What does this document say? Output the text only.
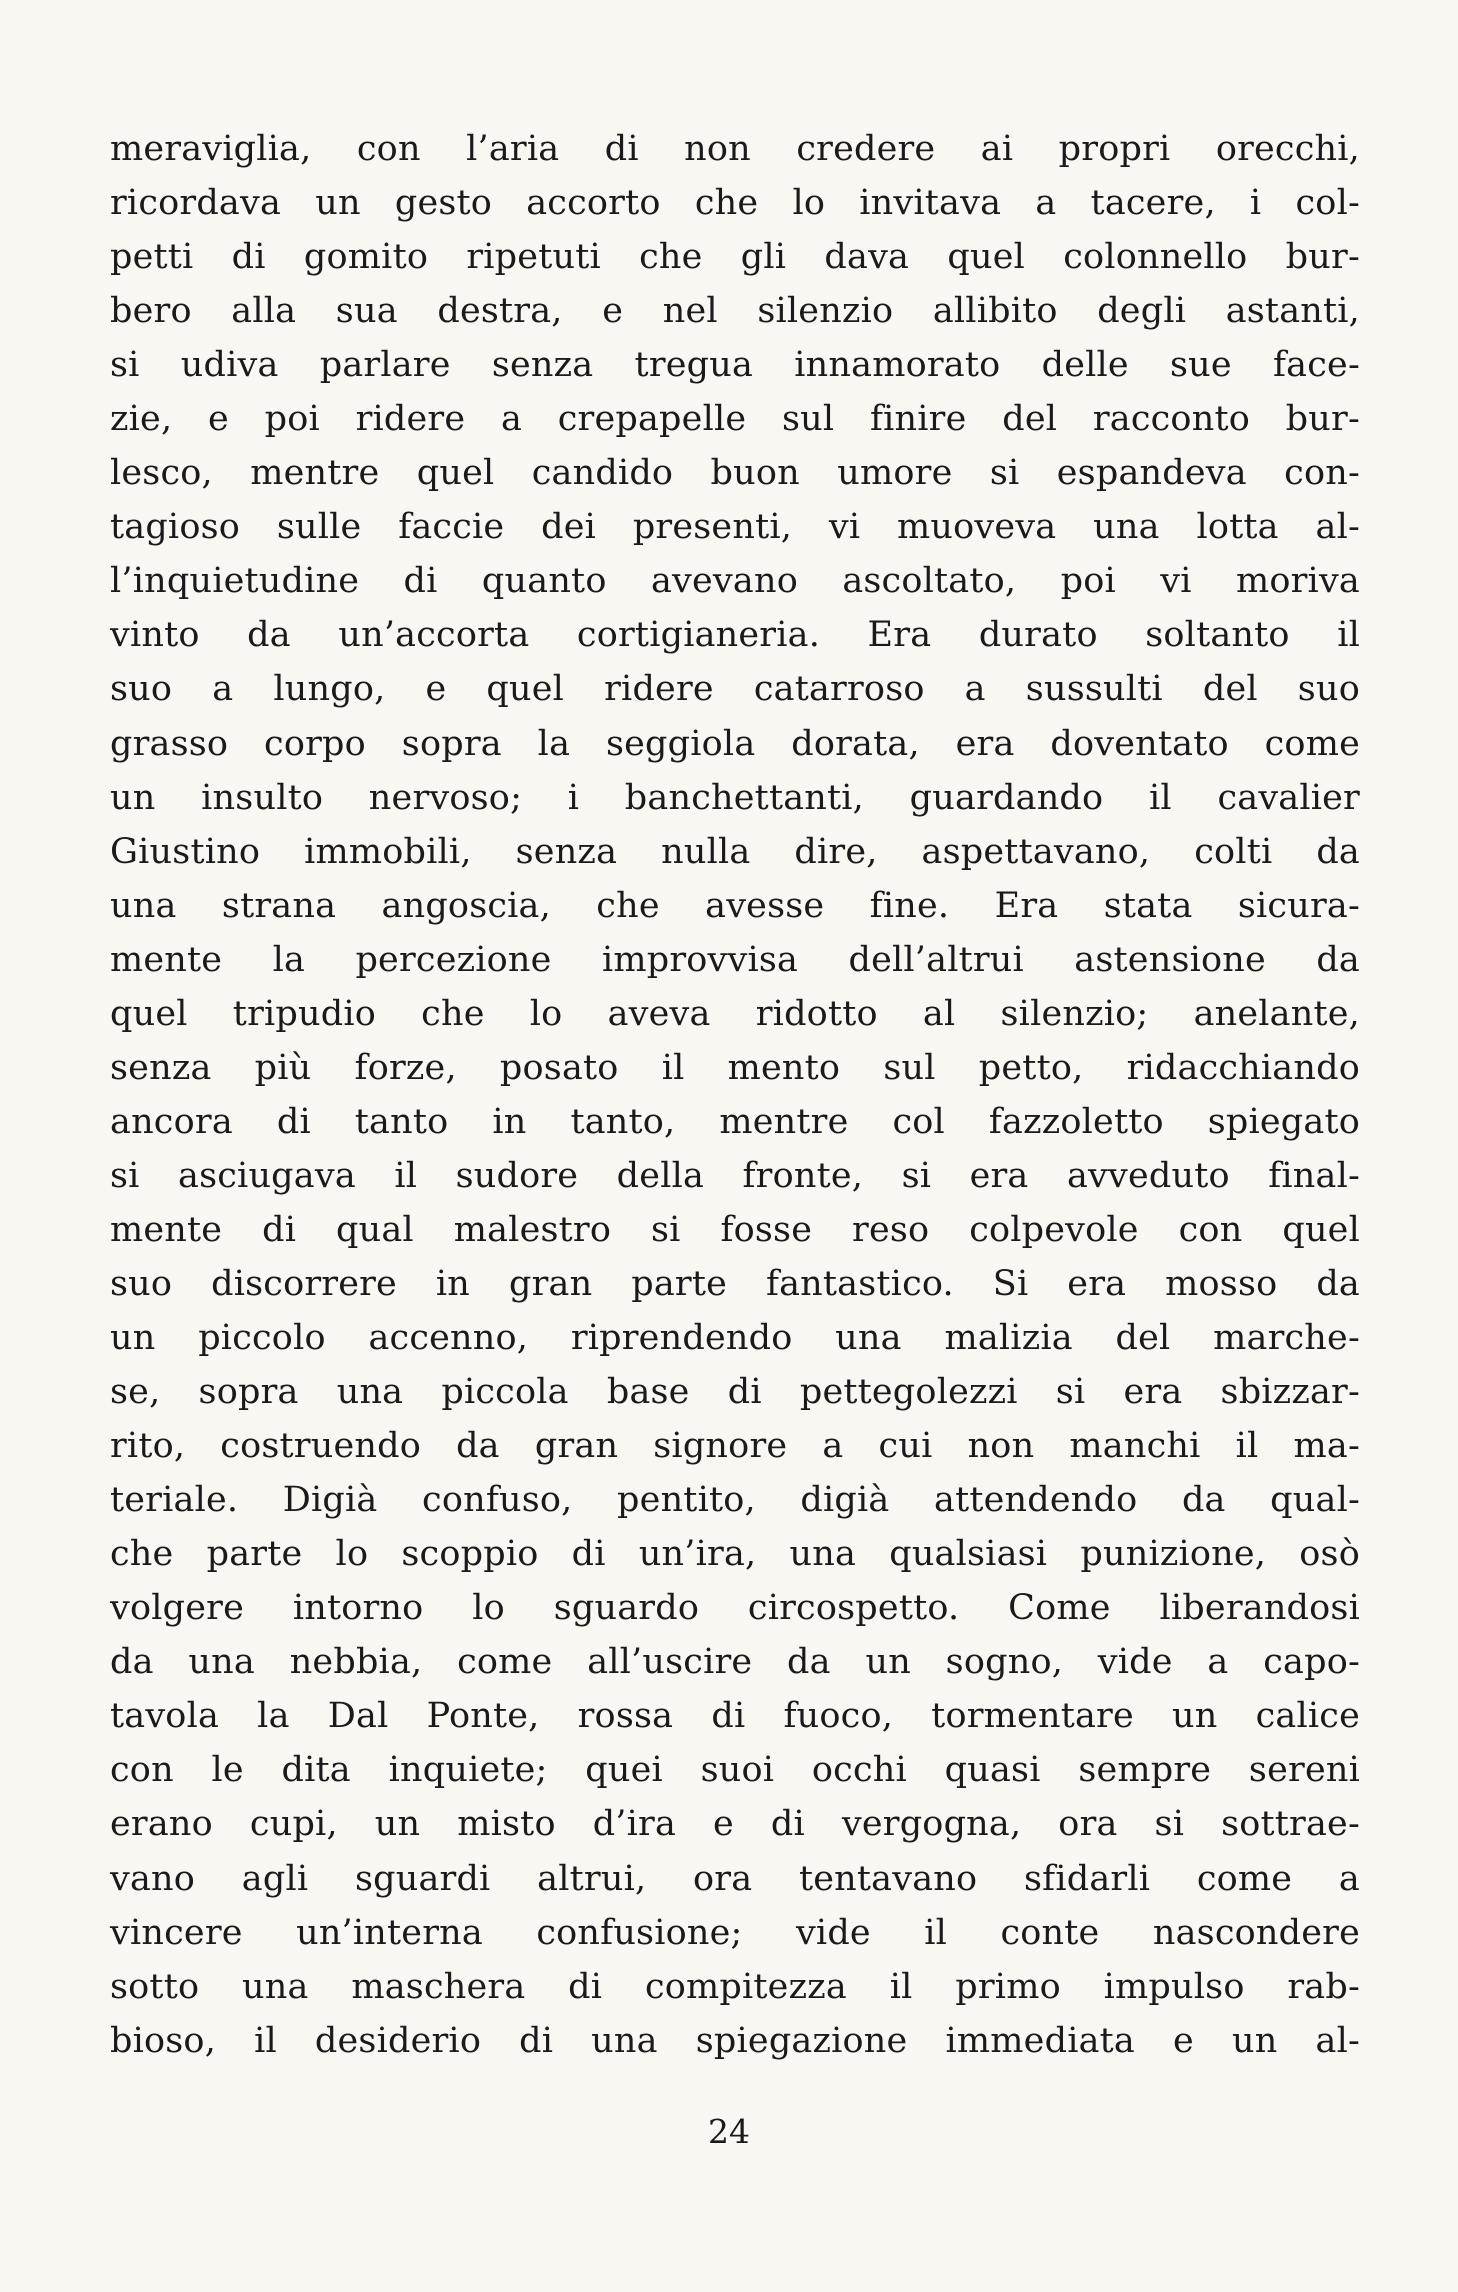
meraviglia, con l’aria di non credere ai propri orecchi,
ricordava un gesto accorto che lo invitava a tacere, i col-
petti di gomito ripetuti che gli dava quel colonnello bur-
bero alla sua destra, e nel silenzio allibito degli astanti,
si udiva parlare senza tregua innamorato delle sue face-
zie, e poi ridere a crepapelle sul finire del racconto bur-
lesco, mentre quel candido buon umore si espandeva con-
tagioso sulle faccie dei presenti, vi muoveva una lotta al-
l’inquietudine di quanto avevano ascoltato, poi vi moriva
vinto da un’accorta cortigianeria. Era durato soltanto il
suo a lungo, e quel ridere catarroso a sussulti del suo
grasso corpo sopra la seggiola dorata, era doventato come
un insulto nervoso; i banchettanti, guardando il cavalier
Giustino immobili, senza nulla dire, aspettavano, colti da
una strana angoscia, che avesse fine. Era stata sicura-
mente la percezione improvvisa dell’altrui astensione da
quel tripudio che lo aveva ridotto al silenzio; anelante,
senza più forze, posato il mento sul petto, ridacchiando
ancora di tanto in tanto, mentre col fazzoletto spiegato
si asciugava il sudore della fronte, si era avveduto final-
mente di qual malestro si fosse reso colpevole con quel
suo discorrere in gran parte fantastico. Si era mosso da
un piccolo accenno, riprendendo una malizia del marche-
se, sopra una piccola base di pettegolezzi si era sbizzar-
rito, costruendo da gran signore a cui non manchi il ma-
teriale. Digià confuso, pentito, digià attendendo da qual-
che parte lo scoppio di un’ira, una qualsiasi punizione, osò
volgere intorno lo sguardo circospetto. Come liberandosi
da una nebbia, come all’uscire da un sogno, vide a capo-
tavola la Dal Ponte, rossa di fuoco, tormentare un calice
con le dita inquiete; quei suoi occhi quasi sempre sereni
erano cupi, un misto d’ira e di vergogna, ora si sottrae-
vano agli sguardi altrui, ora tentavano sfidarli come a
vincere un’interna confusione; vide il conte nascondere
sotto una maschera di compitezza il primo impulso rab-
bioso, il desiderio di una spiegazione immediata e un al-
24
